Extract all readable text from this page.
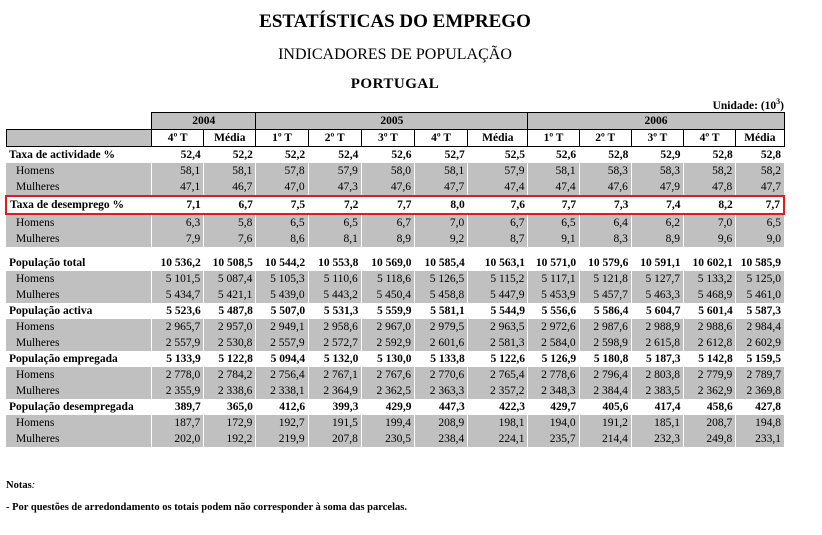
ESTATÍSTICAS DO EMPREGO
INDICADORES DE POPULAÇÃO
PORTUGAL
Unidade: $(10^3)$
	2004		2005					2006				
	4º T	Média	1º T	2º T	3º T	4º T	Média	1º T	2º T	3º T	4º T	Média
Taxa de actividade %	52,4	52,2	52,2	52,4	52,6	52,7	52,5	52,6	52,8	52,9	52,8	52,8
Homens	58,1	58,1	57,8	57,9	58,0	58,1	57,9	58,1	58,3	58,3	58,2	58,2
Mulheres	47,1	46,7	47,0	47,3	47,6	47,7	47,4	47,4	47,6	47,9	47,8	47,7
Taxa de desemprego %	7,1	6,7	7,5	7,2	7,7	8,0	7,6	7,7	7,3	7,4	8,2	7,7
Homens	6,3	5,8	6,5	6,5	6,7	7,0	6,7	6,5	6,4	6,2	7,0	6,5
Mulheres	7,9	7,6	8,6	8,1	8,9	9,2	8,7	9,1	8,3	8,9	9,6	9,0

População total	10 536,2	10 508,5	10 544,2	10 553,8	10 569,0	10 585,4	10 563,1	10 571,0	10 579,6	10 591,1	10 602,1	10 585,9
Homens	5 101,5	5 087,4	5 105,3	5 110,6	5 118,6	5 126,5	5 115,2	5 117,1	5 121,8	5 127,7	5 133,2	5 125,0
Mulheres	5 434,7	5 421,1	5 439,0	5 443,2	5 450,4	5 458,8	5 447,9	5 453,9	5 457,7	5 463,3	5 468,9	5 461,0
População activa	5 523,6	5 487,8	5 507,0	5 531,3	5 559,9	5 581,1	5 544,9	5 556,6	5 586,4	5 604,7	5 601,4	5 587,3
Homens	2 965,7	2 957,0	2 949,1	2 958,6	2 967,0	2 979,5	2 963,5	2 972,6	2 987,6	2 988,9	2 988,6	2 984,4
Mulheres	2 557,9	2 530,8	2 557,9	2 572,7	2 592,9	2 601,6	2 581,3	2 584,0	2 598,9	2 615,8	2 612,8	2 602,9
População empregada	5 133,9	5 122,8	5 094,4	5 132,0	5 130,0	5 133,8	5 122,6	5 126,9	5 180,8	5 187,3	5 142,8	5 159,5
Homens	2 778,0	2 784,2	2 756,4	2 767,1	2 767,6	2 770,6	2 765,4	2 778,6	2 796,4	2 803,8	2 779,9	2 789,7
Mulheres	2 355,9	2 338,6	2 338,1	2 364,9	2 362,5	2 363,3	2 357,2	2 348,3	2 384,4	2 383,5	2 362,9	2 369,8
População desempregada	389,7	365,0	412,6	399,3	429,9	447,3	422,3	429,7	405,6	417,4	458,6	427,8
Homens	187,7	172,9	192,7	191,5	199,4	208,9	198,1	194,0	191,2	185,1	208,7	194,8
Mulheres	202,0	192,2	219,9	207,8	230,5	238,4	224,1	235,7	214,4	232,3	249,8	233,1
Notas:
- Por questões de arredondamento os totais podem não corresponder à soma das parcelas.
